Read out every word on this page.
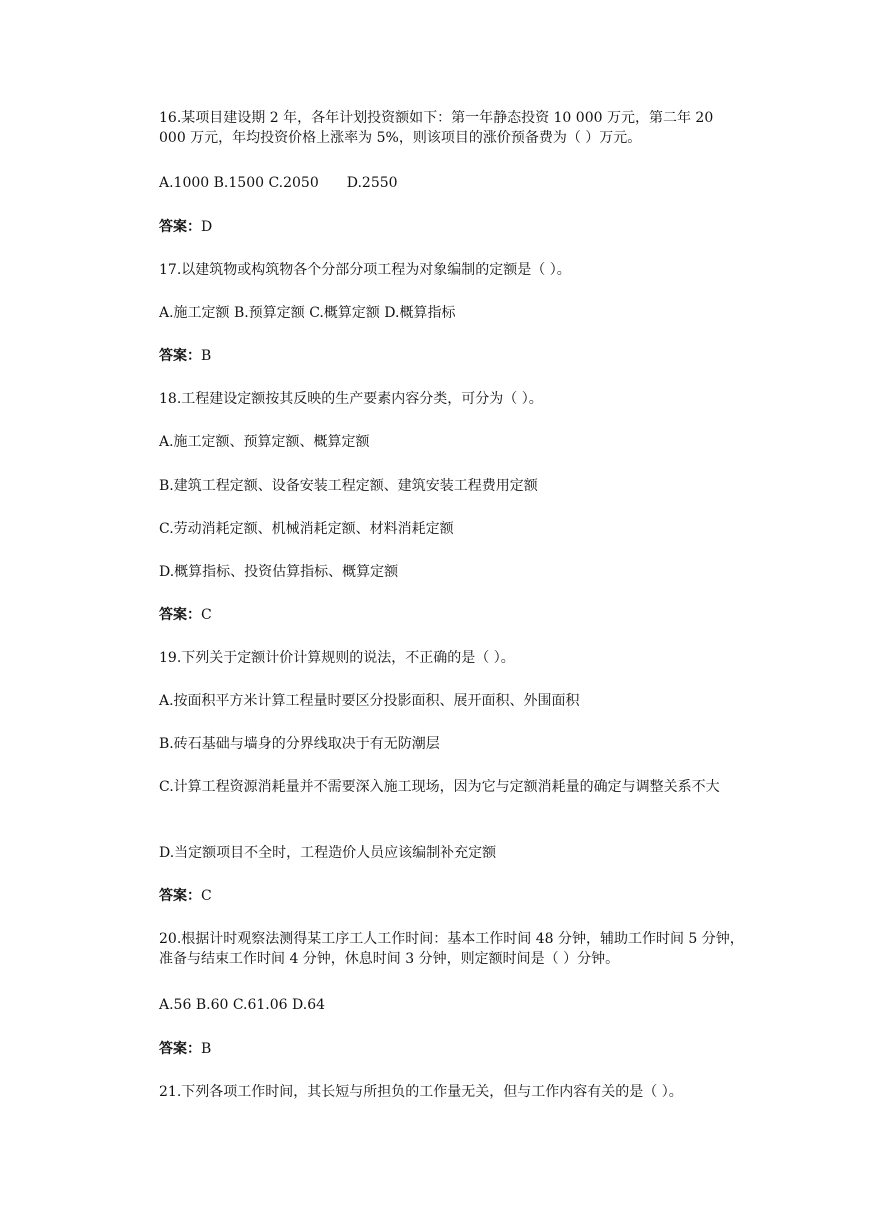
16.某项目建设期 2 年，各年计划投资额如下：第一年静态投资 10 000 万元，第二年 20 000 万元，年均投资价格上涨率为 5%，则该项目的涨价预备费为（ ）万元。

A.1000 B.1500 C.2050　　D.2550

答案：D

17.以建筑物或构筑物各个分部分项工程为对象编制的定额是（ ）。

A.施工定额 B.预算定额 C.概算定额 D.概算指标

答案：B

18.工程建设定额按其反映的生产要素内容分类，可分为（ ）。

A.施工定额、预算定额、概算定额

B.建筑工程定额、设备安装工程定额、建筑安装工程费用定额

C.劳动消耗定额、机械消耗定额、材料消耗定额

D.概算指标、投资估算指标、概算定额

答案：C

19.下列关于定额计价计算规则的说法，不正确的是（ ）。

A.按面积平方米计算工程量时要区分投影面积、展开面积、外围面积

B.砖石基础与墙身的分界线取决于有无防潮层

C.计算工程资源消耗量并不需要深入施工现场，因为它与定额消耗量的确定与调整关系不大

D.当定额项目不全时，工程造价人员应该编制补充定额

答案：C

20.根据计时观察法测得某工序工人工作时间：基本工作时间 48 分钟，辅助工作时间 5 分钟，准备与结束工作时间 4 分钟，休息时间 3 分钟，则定额时间是（ ）分钟。

A.56 B.60 C.61.06 D.64

答案：B

21.下列各项工作时间，其长短与所担负的工作量无关，但与工作内容有关的是（ ）。
